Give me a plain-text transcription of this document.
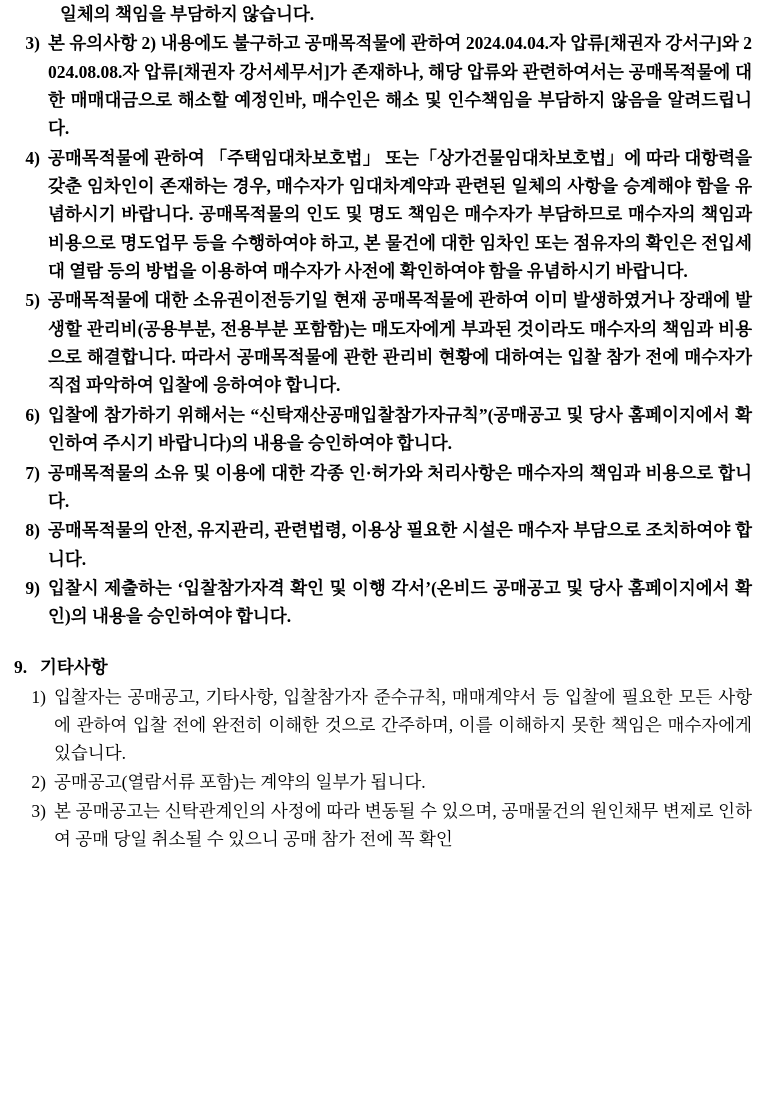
일체의 책임을 부담하지 않습니다.
3) 본 유의사항 2) 내용에도 불구하고 공매목적물에 관하여 2024.04.04.자 압류[채권자 강서구]와 2024.08.08.자 압류[채권자 강서세무서]가 존재하나, 해당 압류와 관련하여서는 공매목적물에 대한 매매대금으로 해소할 예정인바, 매수인은 해소 및 인수책임을 부담하지 않음을 알려드립니다.
4) 공매목적물에 관하여 「주택임대차보호법」 또는「상가건물임대차보호법」에 따라 대항력을 갖춘 임차인이 존재하는 경우, 매수자가 임대차계약과 관련된 일체의 사항을 승계해야 함을 유념하시기 바랍니다. 공매목적물의 인도 및 명도 책임은 매수자가 부담하므로 매수자의 책임과 비용으로 명도업무 등을 수행하여야 하고, 본 물건에 대한 임차인 또는 점유자의 확인은 전입세대 열람 등의 방법을 이용하여 매수자가 사전에 확인하여야 함을 유념하시기 바랍니다.
5) 공매목적물에 대한 소유권이전등기일 현재 공매목적물에 관하여 이미 발생하였거나 장래에 발생할 관리비(공용부분, 전용부분 포함함)는 매도자에게 부과된 것이라도 매수자의 책임과 비용으로 해결합니다. 따라서 공매목적물에 관한 관리비 현황에 대하여는 입찰 참가 전에 매수자가 직접 파악하여 입찰에 응하여야 합니다.
6) 입찰에 참가하기 위해서는 “신탁재산공매입찰참가자규칙”(공매공고 및 당사 홈페이지에서 확인하여 주시기 바랍니다)의 내용을 승인하여야 합니다.
7) 공매목적물의 소유 및 이용에 대한 각종 인·허가와 처리사항은 매수자의 책임과 비용으로 합니다.
8) 공매목적물의 안전, 유지관리, 관련법령, 이용상 필요한 시설은 매수자 부담으로 조치하여야 합니다.
9) 입찰시 제출하는 ‘입찰참가자격 확인 및 이행 각서’(온비드 공매공고 및 당사 홈페이지에서 확인)의 내용을 승인하여야 합니다.
9. 기타사항
1) 입찰자는 공매공고, 기타사항, 입찰참가자 준수규칙, 매매계약서 등 입찰에 필요한 모든 사항에 관하여 입찰 전에 완전히 이해한 것으로 간주하며, 이를 이해하지 못한 책임은 매수자에게 있습니다.
2) 공매공고(열람서류 포함)는 계약의 일부가 됩니다.
3) 본 공매공고는 신탁관계인의 사정에 따라 변동될 수 있으며, 공매물건의 원인채무 변제로 인하여 공매 당일 취소될 수 있으니 공매 참가 전에 꼭 확인
